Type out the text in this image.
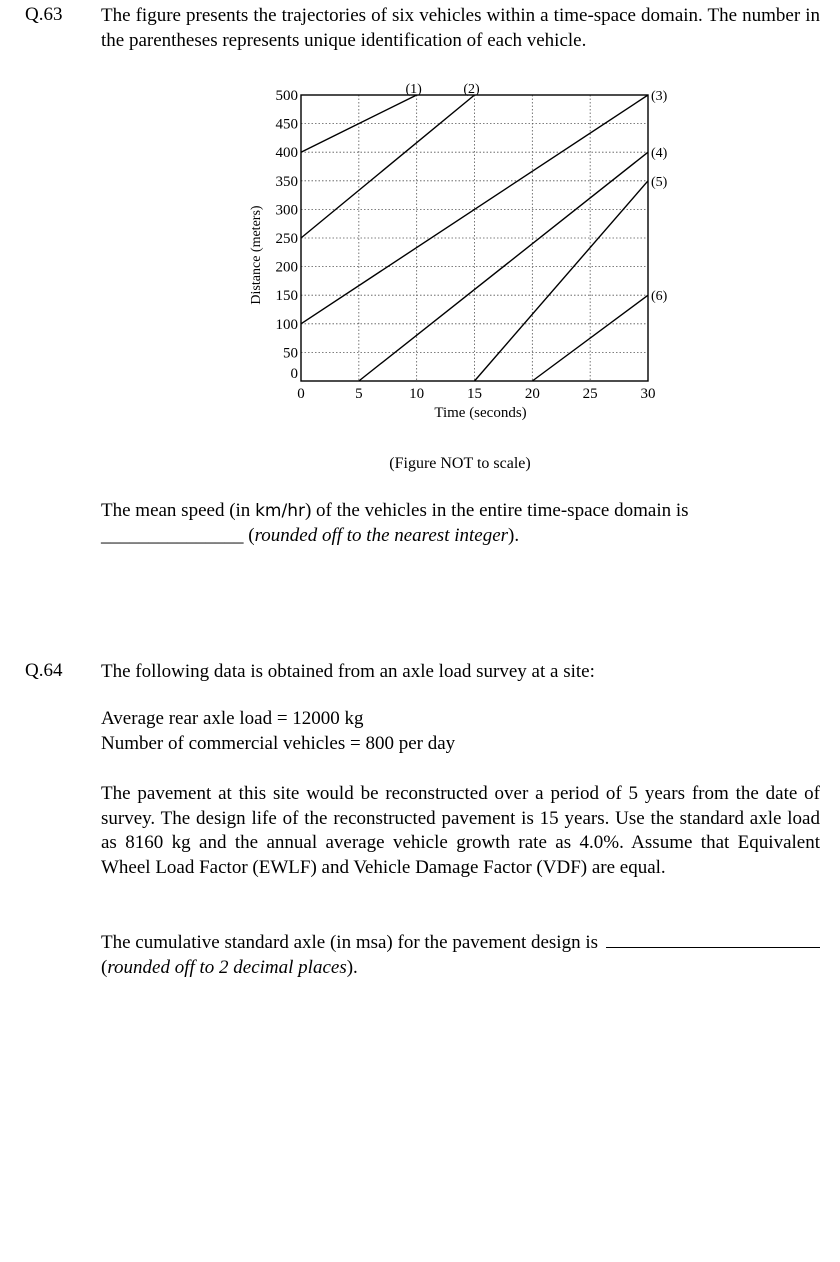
Q.63 The figure presents the trajectories of six vehicles within a time-space domain. The number in the parentheses represents unique identification of each vehicle.

0	5	10	15	20	25	30
0
50
100
150
200
250
300
350
400
450
500
Time (seconds)
Distance (meters)
(1)	(2)	(3)
(4)
(5)
(6)
(Figure NOT to scale)

The mean speed (in km/hr) of the vehicles in the entire time-space domain is
_______________ (rounded off to the nearest integer).

Q.64 The following data is obtained from an axle load survey at a site:

Average rear axle load = 12000 kg
Number of commercial vehicles = 800 per day

The pavement at this site would be reconstructed over a period of 5 years from the date of survey. The design life of the reconstructed pavement is 15 years. Use the standard axle load as 8160 kg and the annual average vehicle growth rate as 4.0%. Assume that Equivalent Wheel Load Factor (EWLF) and Vehicle Damage Factor (VDF) are equal.

The cumulative standard axle (in msa) for the pavement design is
(rounded off to 2 decimal places).
